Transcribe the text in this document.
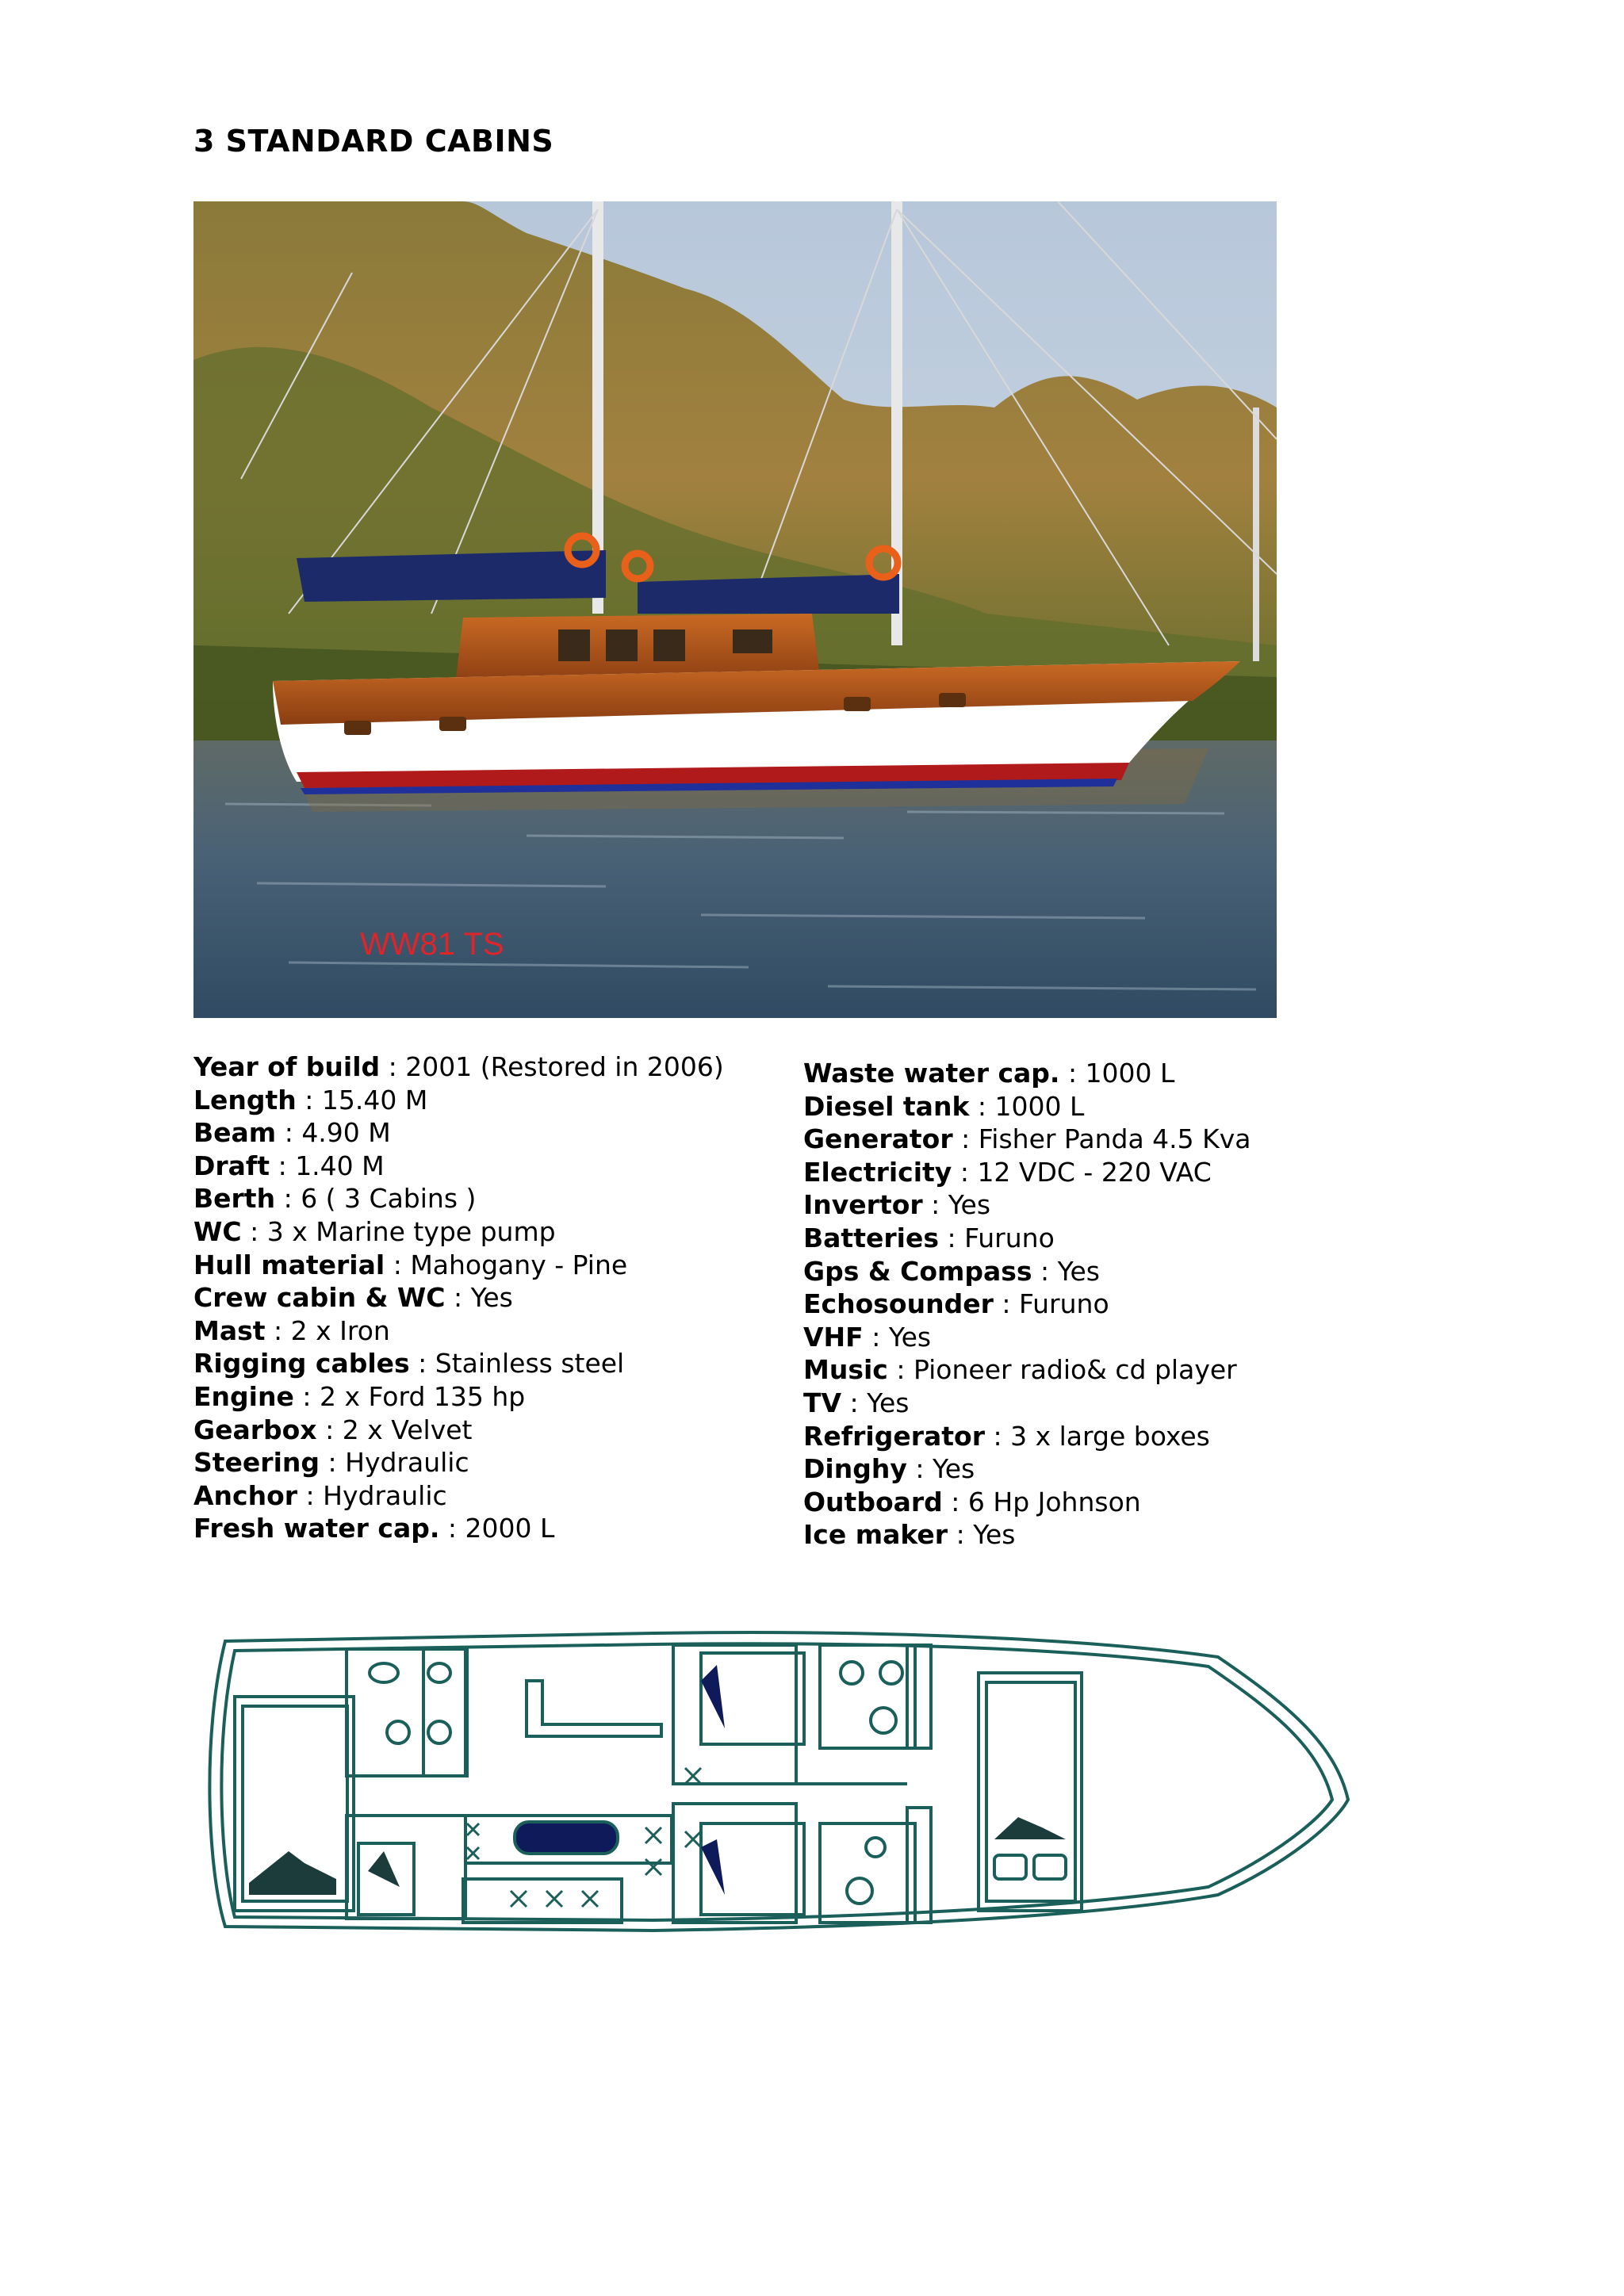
3 STANDARD CABINS
WW81 TS
Year of build : 2001 (Restored in 2006)
Length : 15.40 M
Beam : 4.90 M
Draft : 1.40 M
Berth : 6 ( 3 Cabins )
WC : 3 x Marine type pump
Hull material : Mahogany - Pine
Crew cabin & WC : Yes
Mast : 2 x Iron
Rigging cables : Stainless steel
Engine : 2 x Ford 135 hp
Gearbox : 2 x Velvet
Steering : Hydraulic
Anchor : Hydraulic
Fresh water cap. : 2000 L
Waste water cap. : 1000 L
Diesel tank : 1000 L
Generator : Fisher Panda 4.5 Kva
Electricity : 12 VDC - 220 VAC
Invertor : Yes
Batteries : Furuno
Gps & Compass : Yes
Echosounder : Furuno
VHF : Yes
Music : Pioneer radio& cd player
TV : Yes
Refrigerator : 3 x large boxes
Dinghy : Yes
Outboard : 6 Hp Johnson
Ice maker : Yes
